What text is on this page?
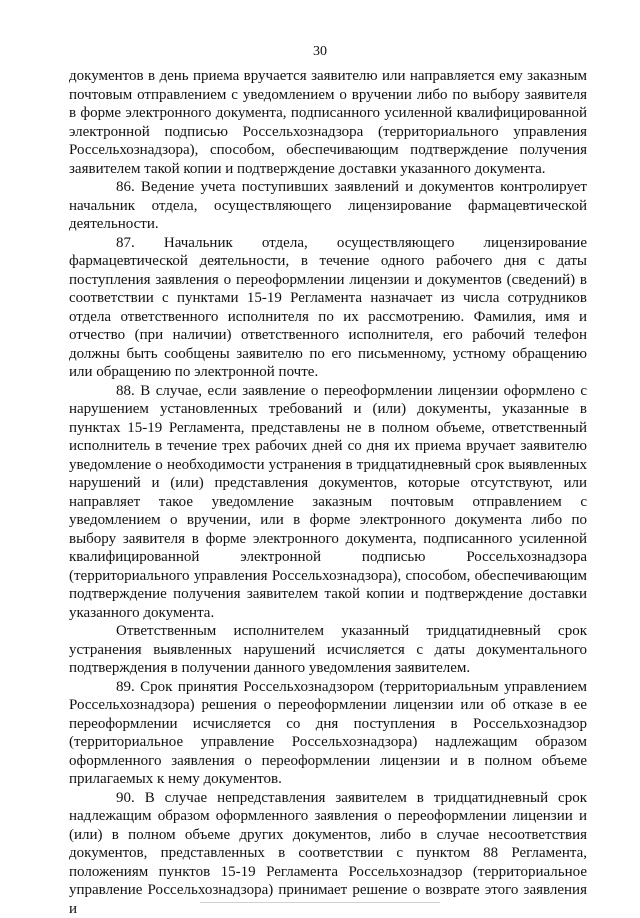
30

документов в день приема вручается заявителю или направляется ему заказным почтовым отправлением с уведомлением о вручении либо по выбору заявителя в форме электронного документа, подписанного усиленной квалифицированной электронной подписью Россельхознадзора (территориального управления Россельхознадзора), способом, обеспечивающим подтверждение получения заявителем такой копии и подтверждение доставки указанного документа.

86. Ведение учета поступивших заявлений и документов контролирует начальник отдела, осуществляющего лицензирование фармацевтической деятельности.

87. Начальник отдела, осуществляющего лицензирование фармацевтической деятельности, в течение одного рабочего дня с даты поступления заявления о переоформлении лицензии и документов (сведений) в соответствии с пунктами 15-19 Регламента назначает из числа сотрудников отдела ответственного исполнителя по их рассмотрению. Фамилия, имя и отчество (при наличии) ответственного исполнителя, его рабочий телефон должны быть сообщены заявителю по его письменному, устному обращению или обращению по электронной почте.

88. В случае, если заявление о переоформлении лицензии оформлено с нарушением установленных требований и (или) документы, указанные в пунктах 15-19 Регламента, представлены не в полном объеме, ответственный исполнитель в течение трех рабочих дней со дня их приема вручает заявителю уведомление о необходимости устранения в тридцатидневный срок выявленных нарушений и (или) представления документов, которые отсутствуют, или направляет такое уведомление заказным почтовым отправлением с уведомлением о вручении, или в форме электронного документа либо по выбору заявителя в форме электронного документа, подписанного усиленной квалифицированной электронной подписью Россельхознадзора (территориального управления Россельхознадзора), способом, обеспечивающим подтверждение получения заявителем такой копии и подтверждение доставки указанного документа.

Ответственным исполнителем указанный тридцатидневный срок устранения выявленных нарушений исчисляется с даты документального подтверждения в получении данного уведомления заявителем.

89. Срок принятия Россельхознадзором (территориальным управлением Россельхознадзора) решения о переоформлении лицензии или об отказе в ее переоформлении исчисляется со дня поступления в Россельхознадзор (территориальное управление Россельхознадзора) надлежащим образом оформленного заявления о переоформлении лицензии и в полном объеме прилагаемых к нему документов.

90. В случае непредставления заявителем в тридцатидневный срок надлежащим образом оформленного заявления о переоформлении лицензии и (или) в полном объеме других документов, либо в случае несоответствия документов, представленных в соответствии с пунктом 88 Регламента, положениям пунктов 15-19 Регламента Россельхознадзор (территориальное управление Россельхознадзора) принимает решение о возврате этого заявления и
